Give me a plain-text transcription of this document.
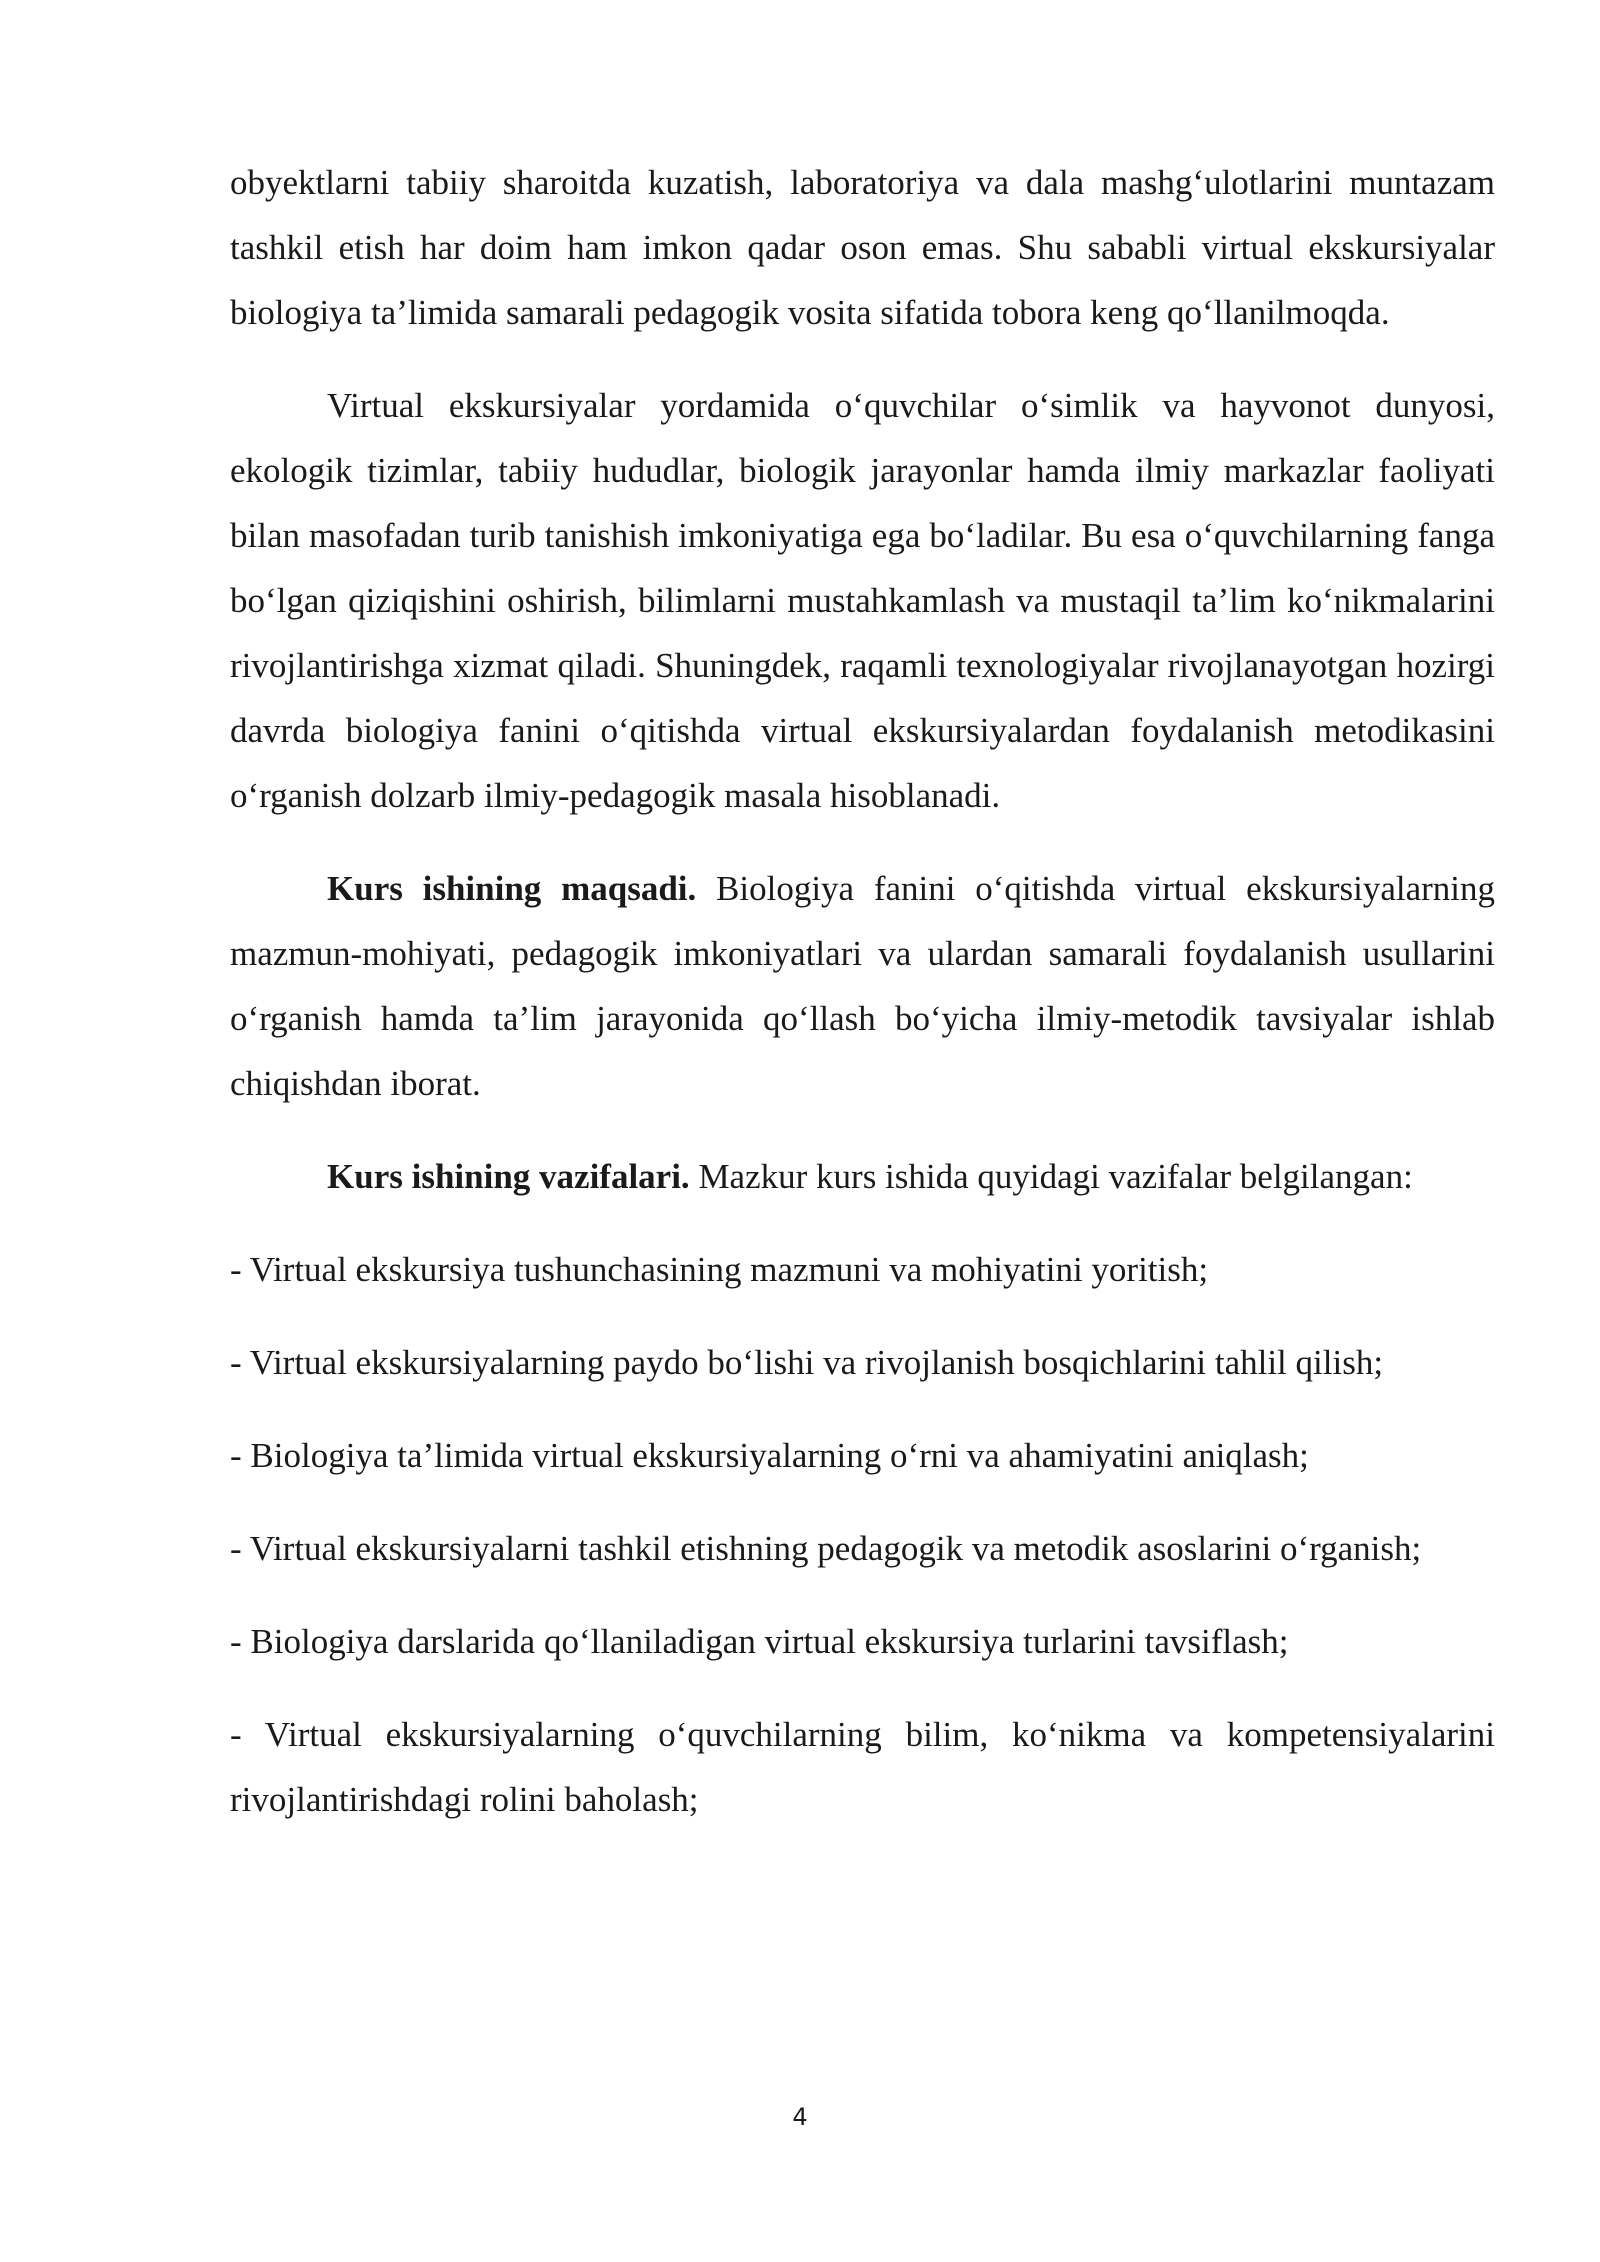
obyektlarni tabiiy sharoitda kuzatish, laboratoriya va dala mashg‘ulotlarini muntazam tashkil etish har doim ham imkon qadar oson emas. Shu sababli virtual ekskursiyalar biologiya ta’limida samarali pedagogik vosita sifatida tobora keng qo‘llanilmoqda.

Virtual ekskursiyalar yordamida o‘quvchilar o‘simlik va hayvonot dunyosi, ekologik tizimlar, tabiiy hududlar, biologik jarayonlar hamda ilmiy markazlar faoliyati bilan masofadan turib tanishish imkoniyatiga ega bo‘ladilar. Bu esa o‘quvchilarning fanga bo‘lgan qiziqishini oshirish, bilimlarni mustahkamlash va mustaqil ta’lim ko‘nikmalarini rivojlantirishga xizmat qiladi. Shuningdek, raqamli texnologiyalar rivojlanayotgan hozirgi davrda biologiya fanini o‘qitishda virtual ekskursiyalardan foydalanish metodikasini o‘rganish dolzarb ilmiy-pedagogik masala hisoblanadi.

Kurs ishining maqsadi. Biologiya fanini o‘qitishda virtual ekskursiyalarning mazmun-mohiyati, pedagogik imkoniyatlari va ulardan samarali foydalanish usullarini o‘rganish hamda ta’lim jarayonida qo‘llash bo‘yicha ilmiy-metodik tavsiyalar ishlab chiqishdan iborat.

Kurs ishining vazifalari. Mazkur kurs ishida quyidagi vazifalar belgilangan:

- Virtual ekskursiya tushunchasining mazmuni va mohiyatini yoritish;

- Virtual ekskursiyalarning paydo bo‘lishi va rivojlanish bosqichlarini tahlil qilish;

- Biologiya ta’limida virtual ekskursiyalarning o‘rni va ahamiyatini aniqlash;

- Virtual ekskursiyalarni tashkil etishning pedagogik va metodik asoslarini o‘rganish;

- Biologiya darslarida qo‘llaniladigan virtual ekskursiya turlarini tavsiflash;

- Virtual ekskursiyalarning o‘quvchilarning bilim, ko‘nikma va kompetensiyalarini rivojlantirishdagi rolini baholash;

4
